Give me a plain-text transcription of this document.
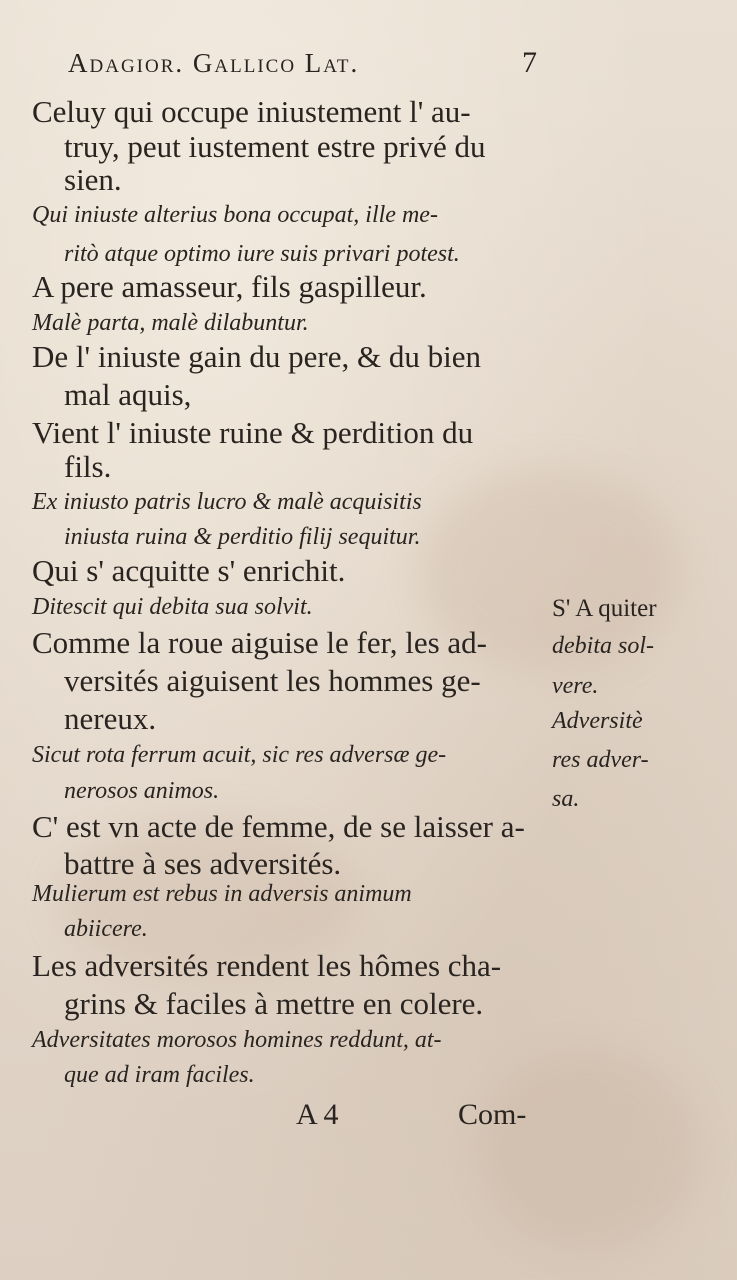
Adagior. Gallico Lat.	7
Celuy qui occupe iniustement l' au-
truy, peut iustement estre privé du
sien.
Qui iniuste alterius bona occupat, ille me-
ritò atque optimo iure suis privari potest.
A pere amasseur, fils gaspilleur.
Malè parta, malè dilabuntur.
De l' iniuste gain du pere, & du bien
mal aquis,
Vient l' iniuste ruine & perdition du
fils.
Ex iniusto patris lucro & malè acquisitis
iniusta ruina & perditio filij sequitur.
Qui s' acquitte s' enrichit.
Ditescit qui debita sua solvit.
Comme la roue aiguise le fer, les ad-
versités aiguisent les hommes ge-
nereux.
Sicut rota ferrum acuit, sic res adversæ ge-
nerosos animos.
C' est vn acte de femme, de se laisser a-
battre à ses adversités.
Mulierum est rebus in adversis animum
abiicere.
Les adversités rendent les hômes cha-
grins & faciles à mettre en colere.
Adversitates morosos homines reddunt, at-
que ad iram faciles.
S' A quiter
debita sol-
vere.
Adversitè
res adver-
sa.
A 4	Com-
